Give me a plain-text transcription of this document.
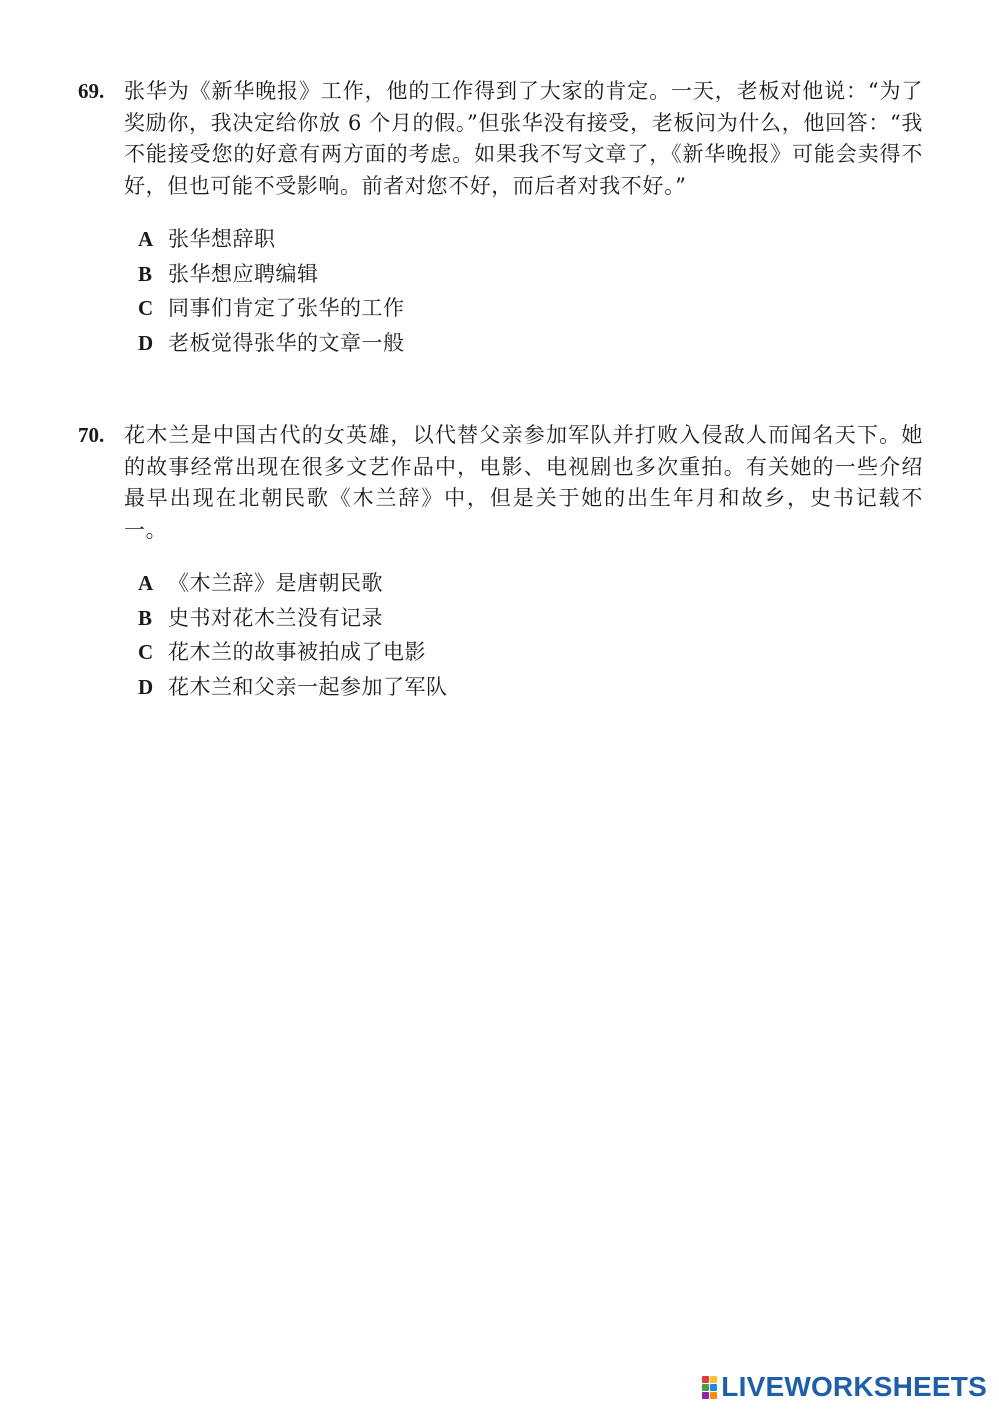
69. 张华为《新华晚报》工作，他的工作得到了大家的肯定。一天，老板对他说：“为了奖励你，我决定给你放 6 个月的假。”但张华没有接受，老板问为什么，他回答：“我不能接受您的好意有两方面的考虑。如果我不写文章了，《新华晚报》可能会卖得不好，但也可能不受影响。前者对您不好，而后者对我不好。”
A 张华想辞职
B 张华想应聘编辑
C 同事们肯定了张华的工作
D 老板觉得张华的文章一般
70. 花木兰是中国古代的女英雄，以代替父亲参加军队并打败入侵敌人而闻名天下。她的故事经常出现在很多文艺作品中，电影、电视剧也多次重拍。有关她的一些介绍最早出现在北朝民歌《木兰辞》中，但是关于她的出生年月和故乡，史书记载不一。
A 《木兰辞》是唐朝民歌
B 史书对花木兰没有记录
C 花木兰的故事被拍成了电影
D 花木兰和父亲一起参加了军队
LIVEWORKSHEETS
